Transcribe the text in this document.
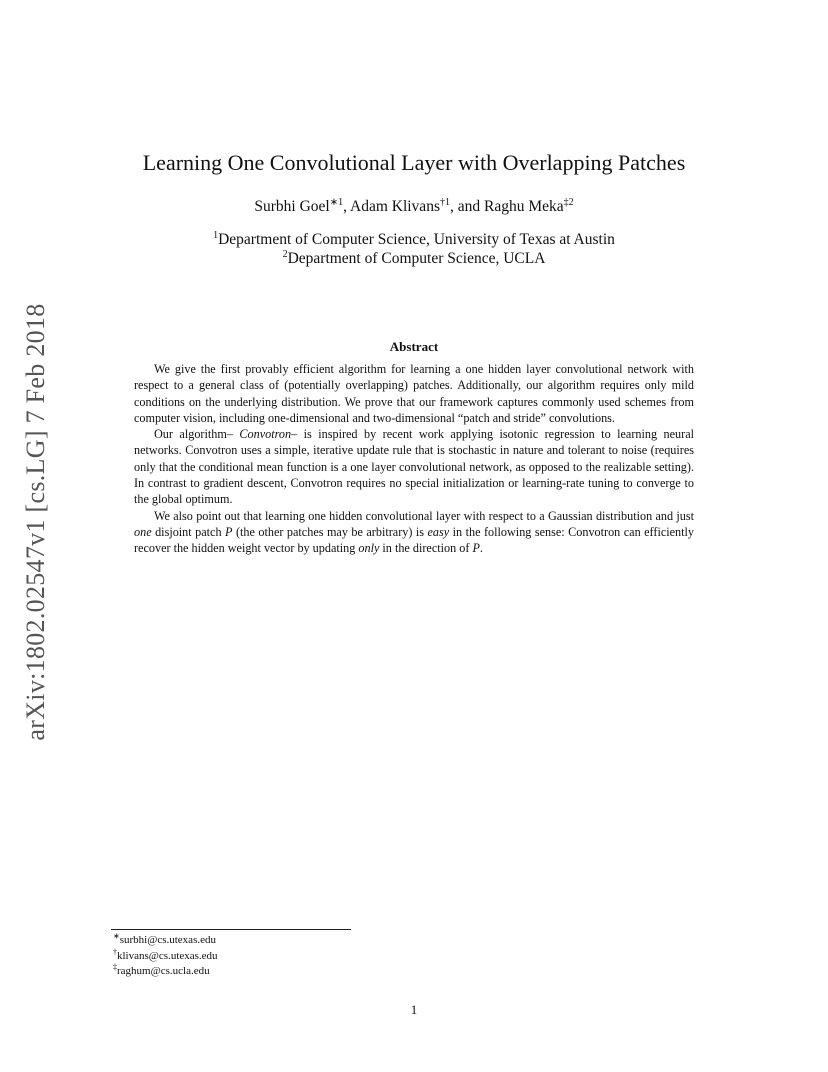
arXiv:1802.02547v1 [cs.LG] 7 Feb 2018
Learning One Convolutional Layer with Overlapping Patches
Surbhi Goel$^{∗1}$, Adam Klivans$^{\dagger 1}$, and Raghu Meka$^{\ddagger 2}$
$^1$Department of Computer Science, University of Texas at Austin
$^2$Department of Computer Science, UCLA
Abstract

We give the first provably efficient algorithm for learning a one hidden layer convolutional network with respect to a general class of (potentially overlapping) patches. Additionally, our algorithm requires only mild conditions on the underlying distribution. We prove that our framework captures commonly used schemes from computer vision, including one-dimensional and two-dimensional “patch and stride” convolutions.

Our algorithm– Convotron– is inspired by recent work applying isotonic regression to learning neural networks. Convotron uses a simple, iterative update rule that is stochastic in nature and tolerant to noise (requires only that the conditional mean function is a one layer convolutional network, as opposed to the realizable setting). In contrast to gradient descent, Convotron requires no special initialization or learning-rate tuning to converge to the global optimum.

We also point out that learning one hidden convolutional layer with respect to a Gaussian distribution and just one disjoint patch P (the other patches may be arbitrary) is easy in the following sense: Convotron can efficiently recover the hidden weight vector by updating only in the direction of P.

∗surbhi@cs.utexas.edu
†klivans@cs.utexas.edu
‡raghum@cs.ucla.edu
1
